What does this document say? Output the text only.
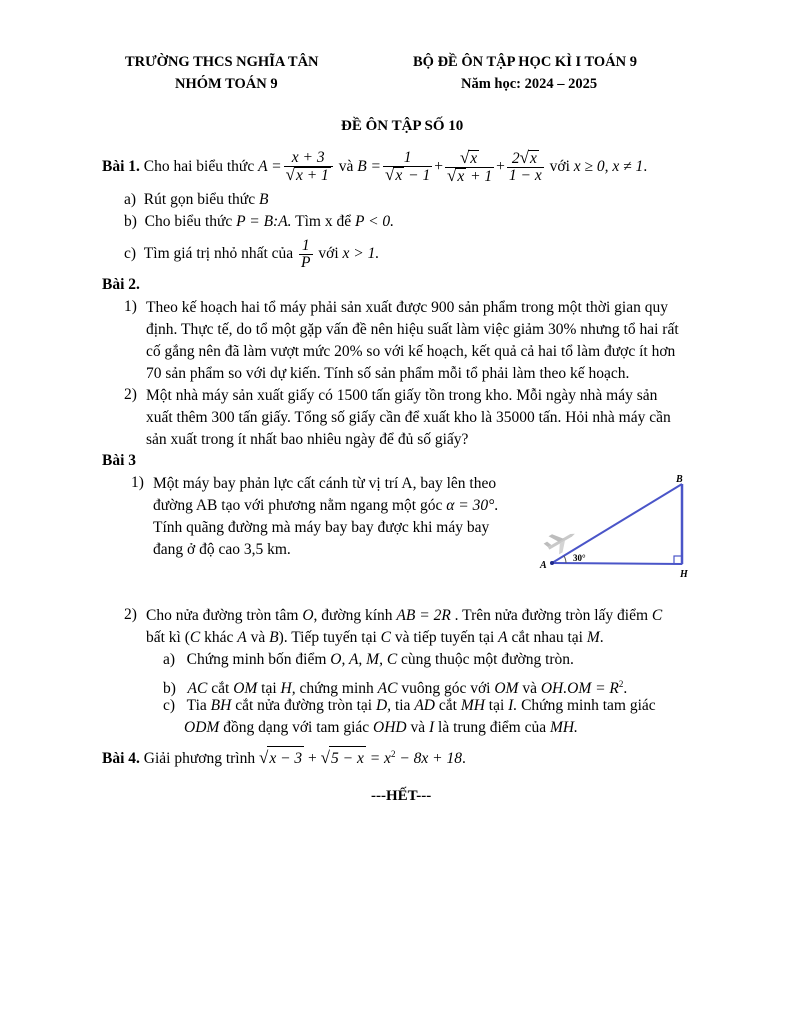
TRƯỜNG THCS NGHĨA TÂN
NHÓM TOÁN 9
BỘ ĐỀ ÔN TẬP HỌC KÌ I TOÁN 9
Năm học: 2024 – 2025
ĐỀ ÔN TẬP SỐ 10
Bài 1. Cho hai biểu thức $A = \frac{x + 3}{√x + 1}$ và $B = \frac{1}{√x - 1} + \frac{√x}{√x + 1} + \frac{2√x}{1 - x}$ với x ≥ 0, x ≠ 1.
a) Rút gọn biểu thức B
b) Cho biểu thức P = B:A. Tìm x để P < 0.
c) Tìm giá trị nhỏ nhất của $\frac{1}{P}$ với x > 1.
Bài 2.
1) Theo kế hoạch hai tổ máy phải sản xuất được 900 sản phẩm trong một thời gian quy
định. Thực tế, do tổ một gặp vấn đề nên hiệu suất làm việc giảm 30% nhưng tổ hai rất
cố gắng nên đã làm vượt mức 20% so với kế hoạch, kết quả cả hai tổ làm được ít hơn
70 sản phẩm so với dự kiến. Tính số sản phẩm mỗi tổ phải làm theo kế hoạch.
2) Một nhà máy sản xuất giấy có 1500 tấn giấy tồn trong kho. Mỗi ngày nhà máy sản
xuất thêm 300 tấn giấy. Tổng số giấy cần để xuất kho là 35000 tấn. Hỏi nhà máy cần
sản xuất trong ít nhất bao nhiêu ngày để đủ số giấy?
Bài 3
1) Một máy bay phản lực cất cánh từ vị trí A, bay lên theo
đường AB tạo với phương nằm ngang một góc α = 30°.
Tính quãng đường mà máy bay bay được khi máy bay
đang ở độ cao 3,5 km.
A
B
H
30°
2) Cho nửa đường tròn tâm O, đường kính AB = 2R . Trên nửa đường tròn lấy điểm C
bất kì (C khác A và B). Tiếp tuyến tại C và tiếp tuyến tại A cắt nhau tại M.
a) Chứng minh bốn điểm O, A, M, C cùng thuộc một đường tròn.
b) AC cắt OM tại H, chứng minh AC vuông góc với OM và $OH.OM = R^2$.
c) Tia BH cắt nửa đường tròn tại D, tia AD cắt MH tại I. Chứng minh tam giác
ODM đồng dạng với tam giác OHD và I là trung điểm của MH.
Bài 4. Giải phương trình $√x - 3 + √5 - x = x^2 - 8x + 18$.
---HẾT---
